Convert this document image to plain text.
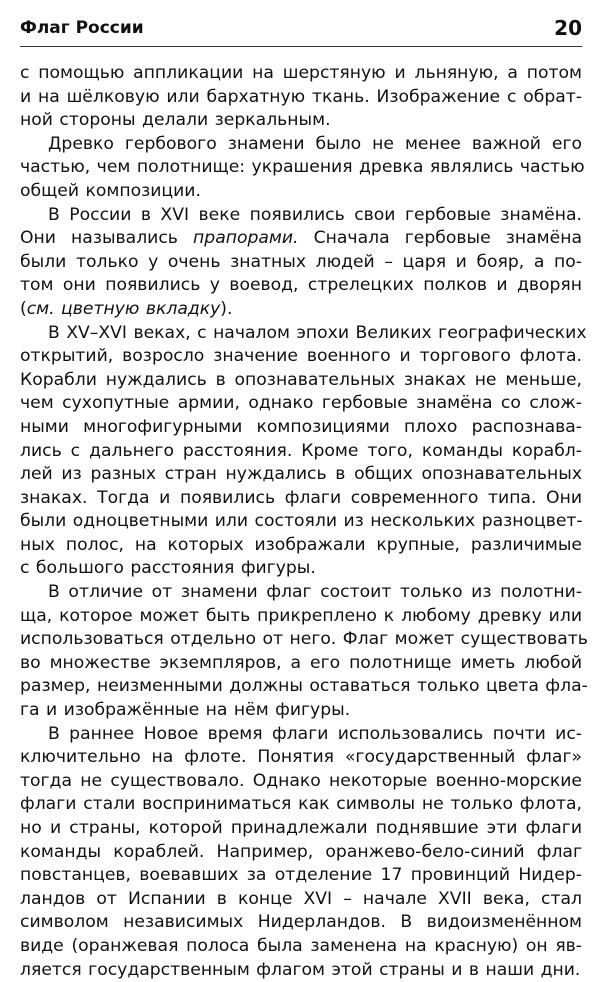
Флаг России	20
с помощью аппликации на шерстяную и льняную, а потом
и на шёлковую или бархатную ткань. Изображение с обрат-
ной стороны делали зеркальным.
Древко гербового знамени было не менее важной его
частью, чем полотнище: украшения древка являлись частью
общей композиции.
В России в XVI веке появились свои гербовые знамёна.
Они назывались прапорами. Сначала гербовые знамёна
были только у очень знатных людей – царя и бояр, а по-
том они появились у воевод, стрелецких полков и дворян
(см. цветную вкладку).
В XV–XVI веках, с началом эпохи Великих географических
открытий, возросло значение военного и торгового флота.
Корабли нуждались в опознавательных знаках не меньше,
чем сухопутные армии, однако гербовые знамёна со слож-
ными многофигурными композициями плохо распознава-
лись с дальнего расстояния. Кроме того, команды корабл-
лей из разных стран нуждались в общих опознавательных
знаках. Тогда и появились флаги современного типа. Они
были одноцветными или состояли из нескольких разноцвет-
ных полос, на которых изображали крупные, различимые
с большого расстояния фигуры.
В отличие от знамени флаг состоит только из полотни-
ща, которое может быть прикреплено к любому древку или
использоваться отдельно от него. Флаг может существовать
во множестве экземпляров, а его полотнище иметь любой
размер, неизменными должны оставаться только цвета фла-
га и изображённые на нём фигуры.
В раннее Новое время флаги использовались почти ис-
ключительно на флоте. Понятия «государственный флаг»
тогда не существовало. Однако некоторые военно-морские
флаги стали восприниматься как символы не только флота,
но и страны, которой принадлежали поднявшие эти флаги
команды кораблей. Например, оранжево-бело-синий флаг
повстанцев, воевавших за отделение 17 провинций Нидер-
ландов от Испании в конце XVI – начале XVII века, стал
символом независимых Нидерландов. В видоизменённом
виде (оранжевая полоса была заменена на красную) он яв-
ляется государственным флагом этой страны и в наши дни.
